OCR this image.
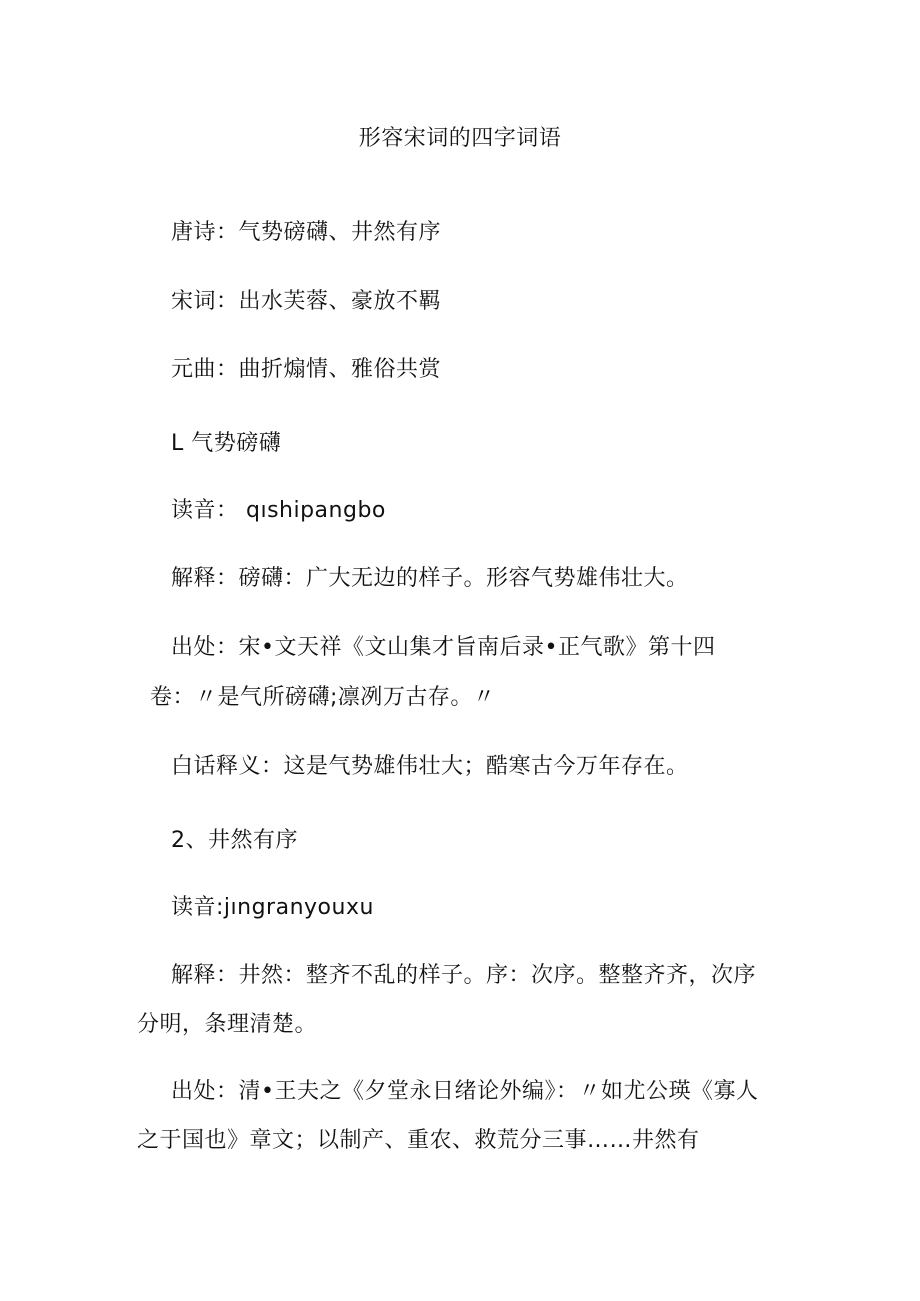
形容宋词的四字词语
唐诗：气势磅礴、井然有序
宋词：出水芙蓉、豪放不羁
元曲：曲折煽情、雅俗共赏
L 气势磅礴
读音： qıshipangbo
解释：磅礴：广大无边的样子。形容气势雄伟壮大。
出处：宋•文天祥《文山集才旨南后录•正气歌》第十四
卷：〃是气所磅礴;凛冽万古存。〃
白话释义：这是气势雄伟壮大；酷寒古今万年存在。
2、井然有序
读音:jıngranyouxu
解释：井然：整齐不乱的样子。序：次序。整整齐齐，次序
分明，条理清楚。
出处：清•王夫之《夕堂永日绪论外编》：〃如尤公瑛《寡人
之于国也》章文；以制产、重农、救荒分三事……井然有
